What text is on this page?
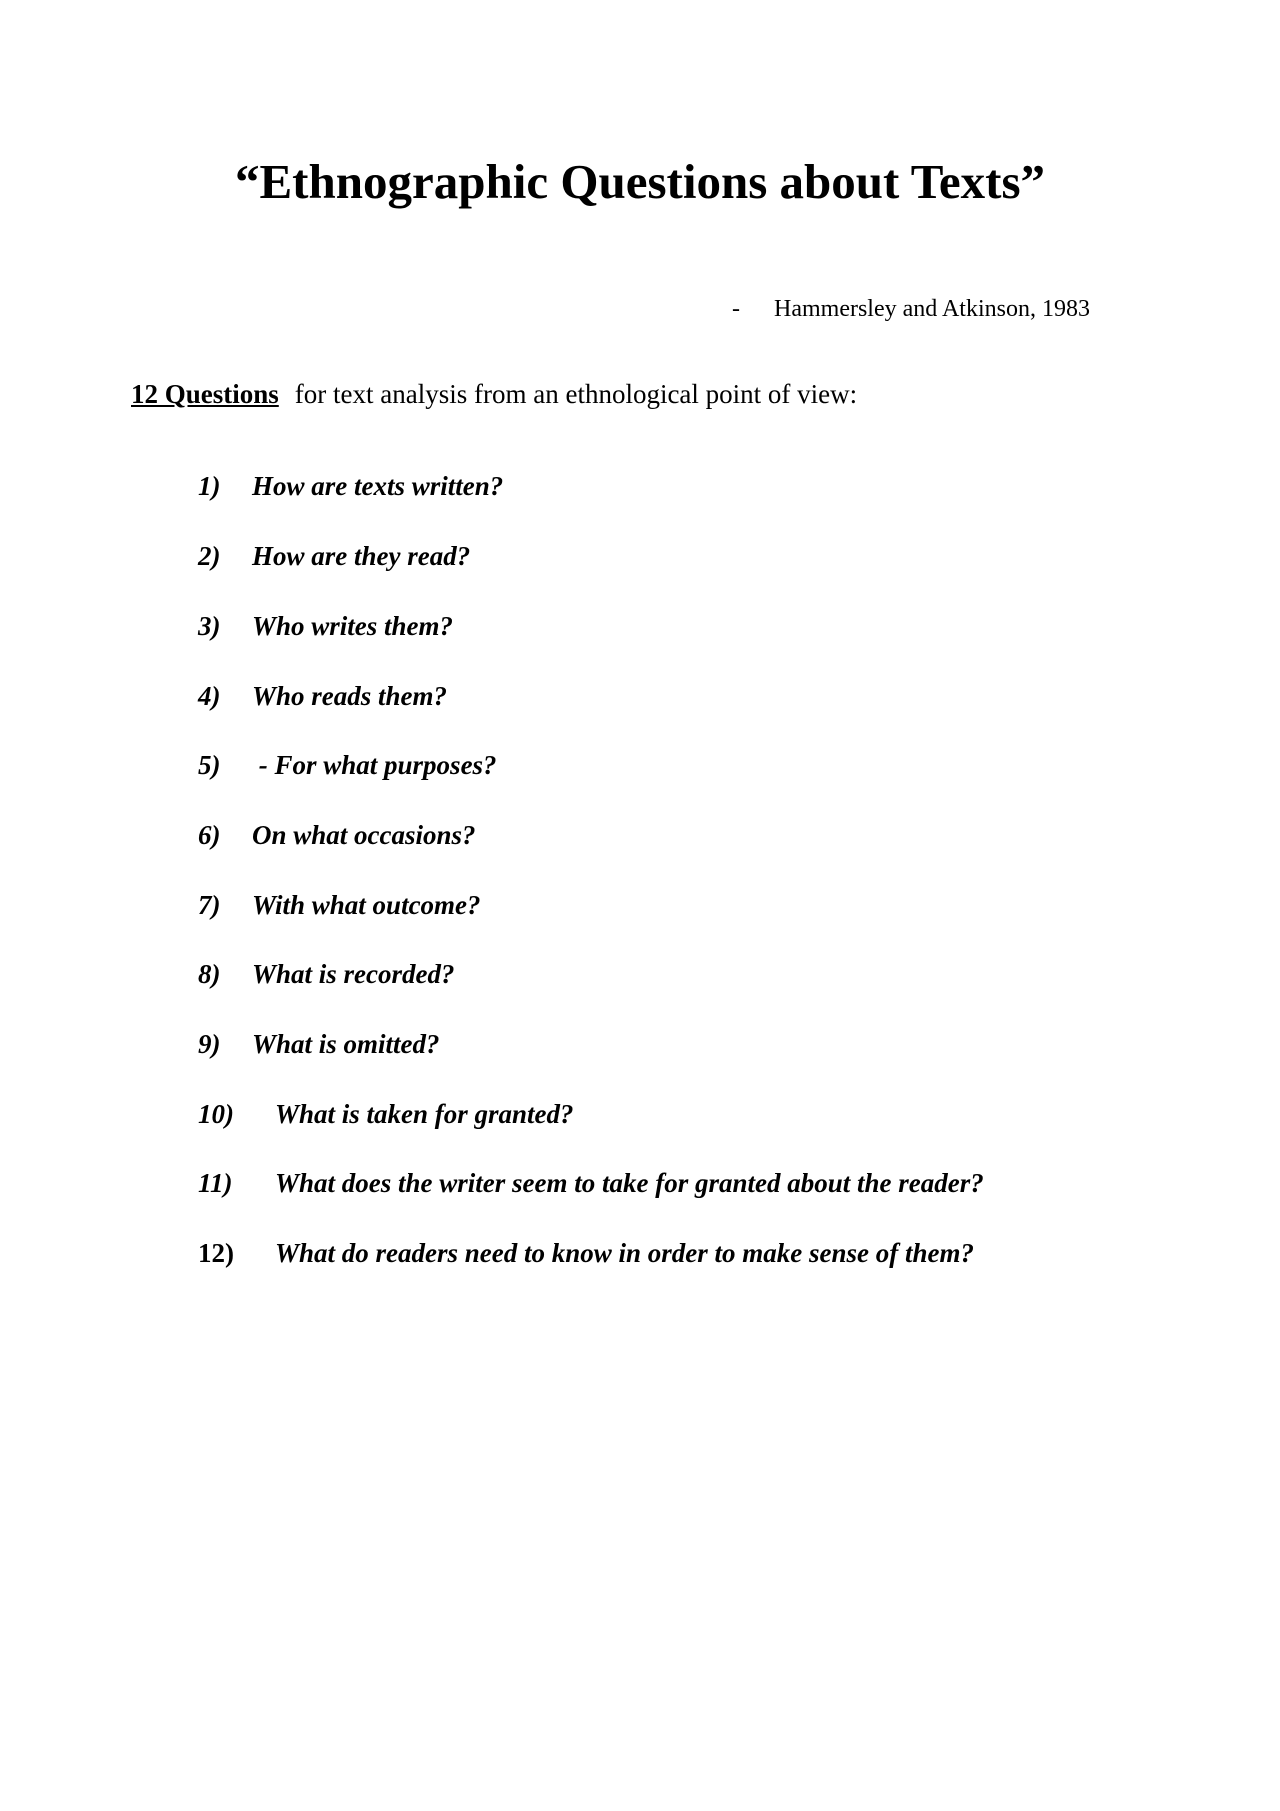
“Ethnographic Questions about Texts”
- Hammersley and Atkinson, 1983
12 Questions for text analysis from an ethnological point of view:
1) How are texts written?
2) How are they read?
3) Who writes them?
4) Who reads them?
5) - For what purposes?
6) On what occasions?
7) With what outcome?
8) What is recorded?
9) What is omitted?
10) What is taken for granted?
11) What does the writer seem to take for granted about the reader?
12) What do readers need to know in order to make sense of them?
